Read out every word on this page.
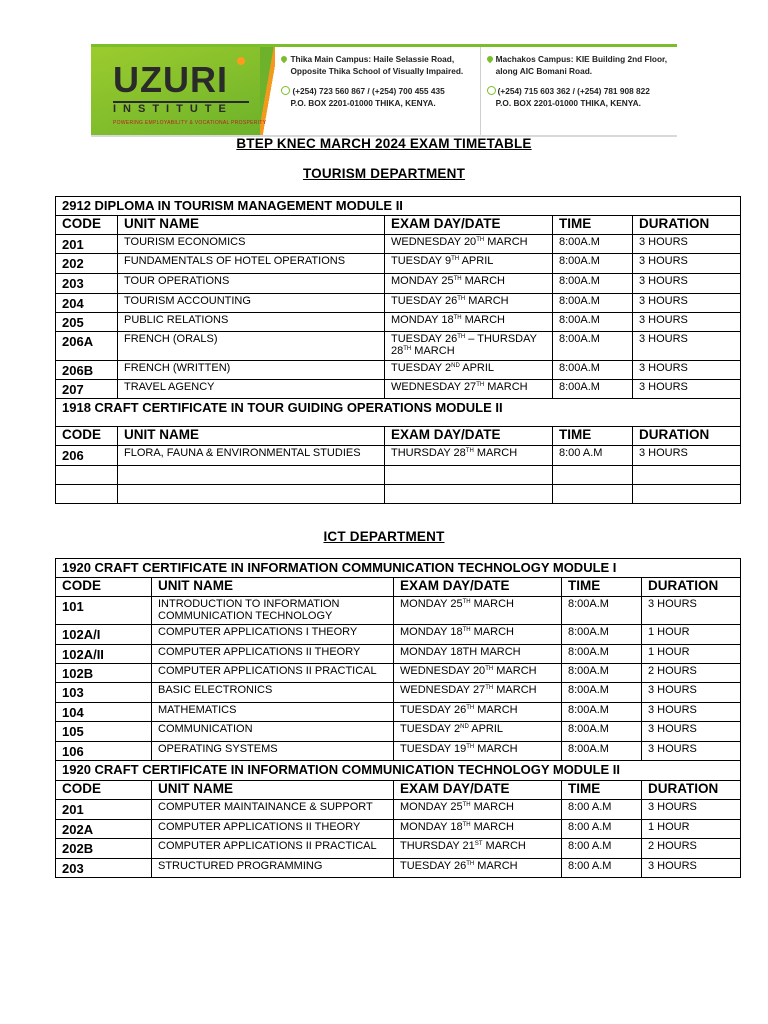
UZURI
INSTITUTE
POWERING EMPLOYABILITY & VOCATIONAL PROSPERITY
Thika Main Campus: Haile Selassie Road,
Opposite Thika School of Visually Impaired.
(+254) 723 560 867 / (+254) 700 455 435
P.O. BOX 2201-01000 THIKA, KENYA.
Machakos Campus: KIE Building 2nd Floor,
along AIC Bomani Road.
(+254) 715 603 362 / (+254) 781 908 822
P.O. BOX 2201-01000 THIKA, KENYA.
BTEP KNEC MARCH 2024 EXAM TIMETABLE
TOURISM DEPARTMENT
2912 DIPLOMA IN TOURISM MANAGEMENT MODULE II				
CODE	UNIT NAME	EXAM DAY/DATE	TIME	DURATION
201	TOURISM ECONOMICS	WEDNESDAY 20TH MARCH	8:00A.M	3 HOURS
202	FUNDAMENTALS OF HOTEL OPERATIONS	TUESDAY 9TH APRIL	8:00A.M	3 HOURS
203	TOUR OPERATIONS	MONDAY 25TH MARCH	8:00A.M	3 HOURS
204	TOURISM ACCOUNTING	TUESDAY 26TH MARCH	8:00A.M	3 HOURS
205	PUBLIC RELATIONS	MONDAY 18TH MARCH	8:00A.M	3 HOURS
206A	FRENCH (ORALS)	TUESDAY 26TH – THURSDAY 28TH MARCH	8:00A.M	3 HOURS
206B	FRENCH (WRITTEN)	TUESDAY 2ND APRIL	8:00A.M	3 HOURS
207	TRAVEL AGENCY	WEDNESDAY 27TH MARCH	8:00A.M	3 HOURS
1918 CRAFT CERTIFICATE IN TOUR GUIDING OPERATIONS MODULE II				
CODE	UNIT NAME	EXAM DAY/DATE	TIME	DURATION
206	FLORA, FAUNA & ENVIRONMENTAL STUDIES	THURSDAY 28TH MARCH	8:00 A.M	3 HOURS

ICT DEPARTMENT
1920 CRAFT CERTIFICATE IN INFORMATION COMMUNICATION TECHNOLOGY MODULE I				
CODE	UNIT NAME	EXAM DAY/DATE	TIME	DURATION
101	INTRODUCTION TO INFORMATION COMMUNICATION TECHNOLOGY	MONDAY 25TH MARCH	8:00A.M	3 HOURS
102A/I	COMPUTER APPLICATIONS I THEORY	MONDAY 18TH MARCH	8:00A.M	1 HOUR
102A/II	COMPUTER APPLICATIONS II THEORY	MONDAY 18TH MARCH	8:00A.M	1 HOUR
102B	COMPUTER APPLICATIONS II PRACTICAL	WEDNESDAY 20TH MARCH	8:00A.M	2 HOURS
103	BASIC ELECTRONICS	WEDNESDAY 27TH MARCH	8:00A.M	3 HOURS
104	MATHEMATICS	TUESDAY 26TH MARCH	8:00A.M	3 HOURS
105	COMMUNICATION	TUESDAY 2ND APRIL	8:00A.M	3 HOURS
106	OPERATING SYSTEMS	TUESDAY 19TH MARCH	8:00A.M	3 HOURS
1920 CRAFT CERTIFICATE IN INFORMATION COMMUNICATION TECHNOLOGY MODULE II				
CODE	UNIT NAME	EXAM DAY/DATE	TIME	DURATION
201	COMPUTER MAINTAINANCE & SUPPORT	MONDAY 25TH MARCH	8:00 A.M	3 HOURS
202A	COMPUTER APPLICATIONS II THEORY	MONDAY 18TH MARCH	8:00 A.M	1 HOUR
202B	COMPUTER APPLICATIONS II PRACTICAL	THURSDAY 21ST MARCH	8:00 A.M	2 HOURS
203	STRUCTURED PROGRAMMING	TUESDAY 26TH MARCH	8:00 A.M	3 HOURS
